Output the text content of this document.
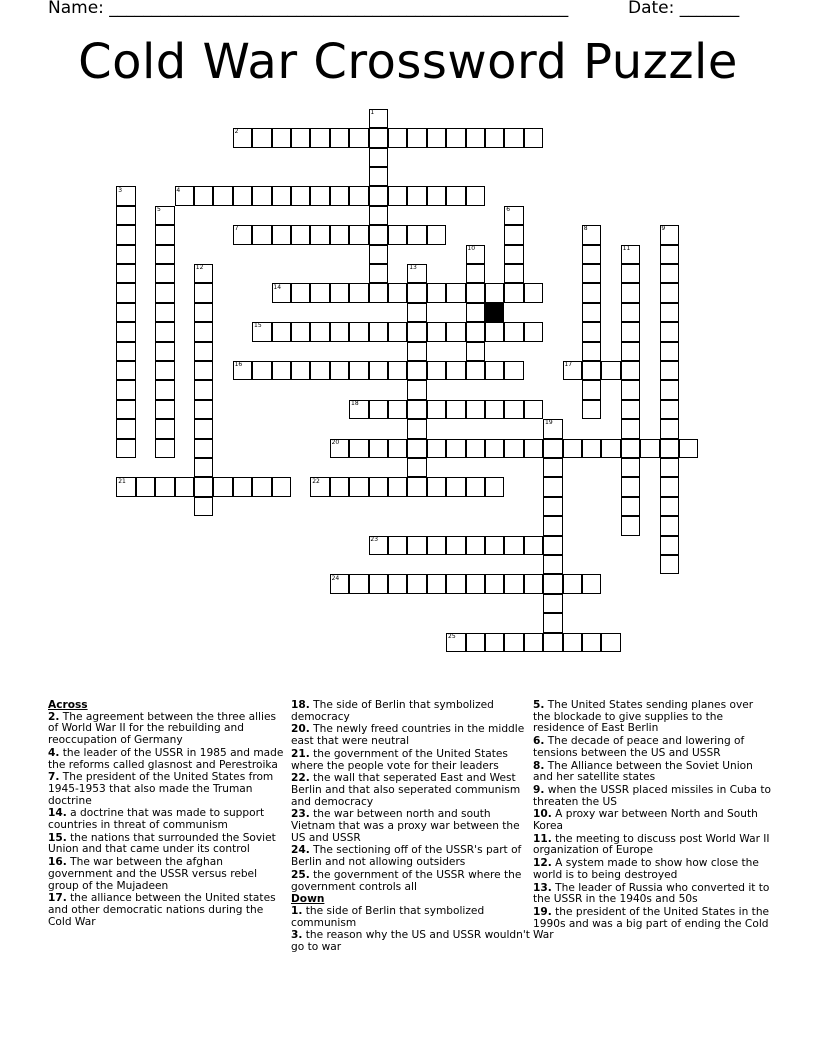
Name: ______________________________________________________	Date: _______
Cold War Crossword Puzzle
2
4
7
14
15
16	17
18
20
21	22
23
24
25
1
3
5	6
8	9
10	11
12	13
19
Across
2. The agreement between the three allies of World War II for the rebuilding and reoccupation of Germany
4. the leader of the USSR in 1985 and made the reforms called glasnost and Perestroika
7. The president of the United States from 1945-1953 that also made the Truman doctrine
14. a doctrine that was made to support countries in threat of communism
15. the nations that surrounded the Soviet Union and that came under its control
16. The war between the afghan government and the USSR versus rebel group of the Mujadeen
17. the alliance between the United states and other democratic nations during the Cold War
18. The side of Berlin that symbolized democracy
20. The newly freed countries in the middle east that were neutral
21. the government of the United States where the people vote for their leaders
22. the wall that seperated East and West Berlin and that also seperated communism and democracy
23. the war between north and south Vietnam that was a proxy war between the US and USSR
24. The sectioning off of the USSR's part of Berlin and not allowing outsiders
25. the government of the USSR where the government controls all
Down
1. the side of Berlin that symbolized communism
3. the reason why the US and USSR wouldn't go to war
5. The United States sending planes over the blockade to give supplies to the residence of East Berlin
6. The decade of peace and lowering of tensions between the US and USSR
8. The Alliance between the Soviet Union and her satellite states
9. when the USSR placed missiles in Cuba to threaten the US
10. A proxy war between North and South Korea
11. the meeting to discuss post World War II organization of Europe
12. A system made to show how close the world is to being destroyed
13. The leader of Russia who converted it to the USSR in the 1940s and 50s
19. the president of the United States in the 1990s and was a big part of ending the Cold War
